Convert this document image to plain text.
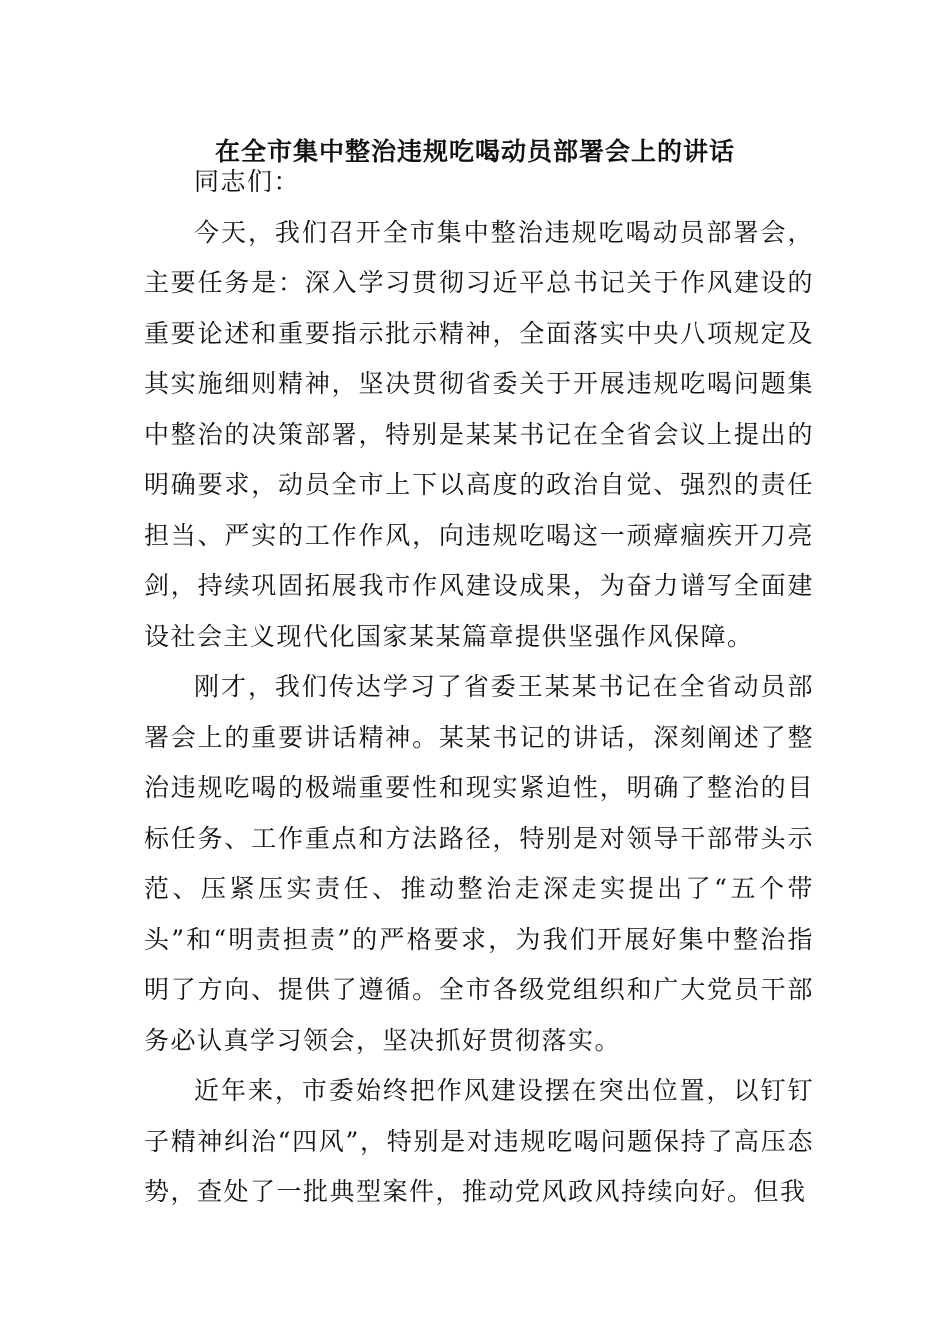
在全市集中整治违规吃喝动员部署会上的讲话

同志们：

今天，我们召开全市集中整治违规吃喝动员部署会，主要任务是：深入学习贯彻习近平总书记关于作风建设的重要论述和重要指示批示精神，全面落实中央八项规定及其实施细则精神，坚决贯彻省委关于开展违规吃喝问题集中整治的决策部署，特别是某某书记在全省会议上提出的明确要求，动员全市上下以高度的政治自觉、强烈的责任担当、严实的工作作风，向违规吃喝这一顽瘴痼疾开刀亮剑，持续巩固拓展我市作风建设成果，为奋力谱写全面建设社会主义现代化国家某某篇章提供坚强作风保障。

刚才，我们传达学习了省委王某某书记在全省动员部署会上的重要讲话精神。某某书记的讲话，深刻阐述了整治违规吃喝的极端重要性和现实紧迫性，明确了整治的目标任务、工作重点和方法路径，特别是对领导干部带头示范、压紧压实责任、推动整治走深走实提出了“五个带头”和“明责担责”的严格要求，为我们开展好集中整治指明了方向、提供了遵循。全市各级党组织和广大党员干部务必认真学习领会，坚决抓好贯彻落实。

近年来，市委始终把作风建设摆在突出位置，以钉钉子精神纠治“四风”，特别是对违规吃喝问题保持了高压态势，查处了一批典型案件，推动党风政风持续向好。但我
